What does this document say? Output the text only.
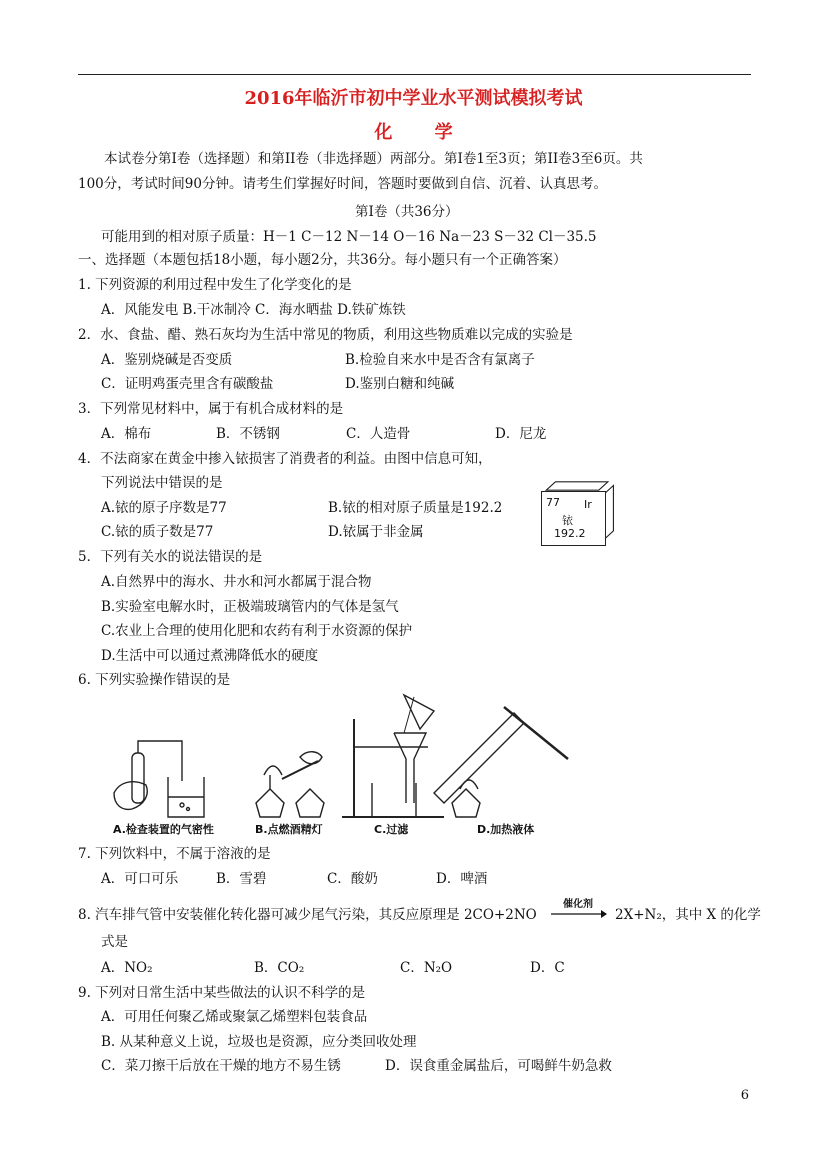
2016年临沂市初中学业水平测试模拟考试
化 学
本试卷分第Ⅰ卷（选择题）和第II卷（非选择题）两部分。第Ⅰ卷1至3页；第II卷3至6页。共
100分，考试时间90分钟。请考生们掌握好时间，答题时要做到自信、沉着、认真思考。
第Ⅰ卷（共36分）
可能用到的相对原子质量：H－1 C－12 N－14 O－16 Na－23 S－32 Cl－35.5
一、选择题（本题包括18小题，每小题2分，共36分。每小题只有一个正确答案）
1. 下列资源的利用过程中发生了化学变化的是
A．风能发电 B.干冰制冷 C．海水晒盐 D.铁矿炼铁
2．水、食盐、醋、熟石灰均为生活中常见的物质，利用这些物质难以完成的实验是
A．鉴别烧碱是否变质	B.检验自来水中是否含有氯离子
C．证明鸡蛋壳里含有碳酸盐	D.鉴别白糖和纯碱
3．下列常见材料中，属于有机合成材料的是
A．棉布	B．不锈钢	C．人造骨	D．尼龙
4．不法商家在黄金中掺入铱损害了消费者的利益。由图中信息可知，
下列说法中错误的是
A.铱的原子序数是77	B.铱的相对原子质量是192.2
C.铱的质子数是77	D.铱属于非金属
77 Ir
铱
192.2
5．下列有关水的说法错误的是
A.自然界中的海水、井水和河水都属于混合物
B.实验室电解水时，正极端玻璃管内的气体是氢气
C.农业上合理的使用化肥和农药有利于水资源的保护
D.生活中可以通过煮沸降低水的硬度
6. 下列实验操作错误的是
A.检查装置的气密性	B.点燃酒精灯	C.过滤	D.加热液体
7. 下列饮料中，不属于溶液的是
A．可口可乐	B．雪碧	C．酸奶	D．啤酒
8. 汽车排气管中安装催化转化器可减少尾气污染，其反应原理是 2CO+2NO
催化剂
→ 2X+N₂，其中 X 的化学
式是
A．NO₂	B．CO₂	C．N₂O	D．C
9. 下列对日常生活中某些做法的认识不科学的是
A．可用任何聚乙烯或聚氯乙烯塑料包装食品
B. 从某种意义上说，垃圾也是资源，应分类回收处理
C．菜刀擦干后放在干燥的地方不易生锈	D．误食重金属盐后，可喝鲜牛奶急救
6
